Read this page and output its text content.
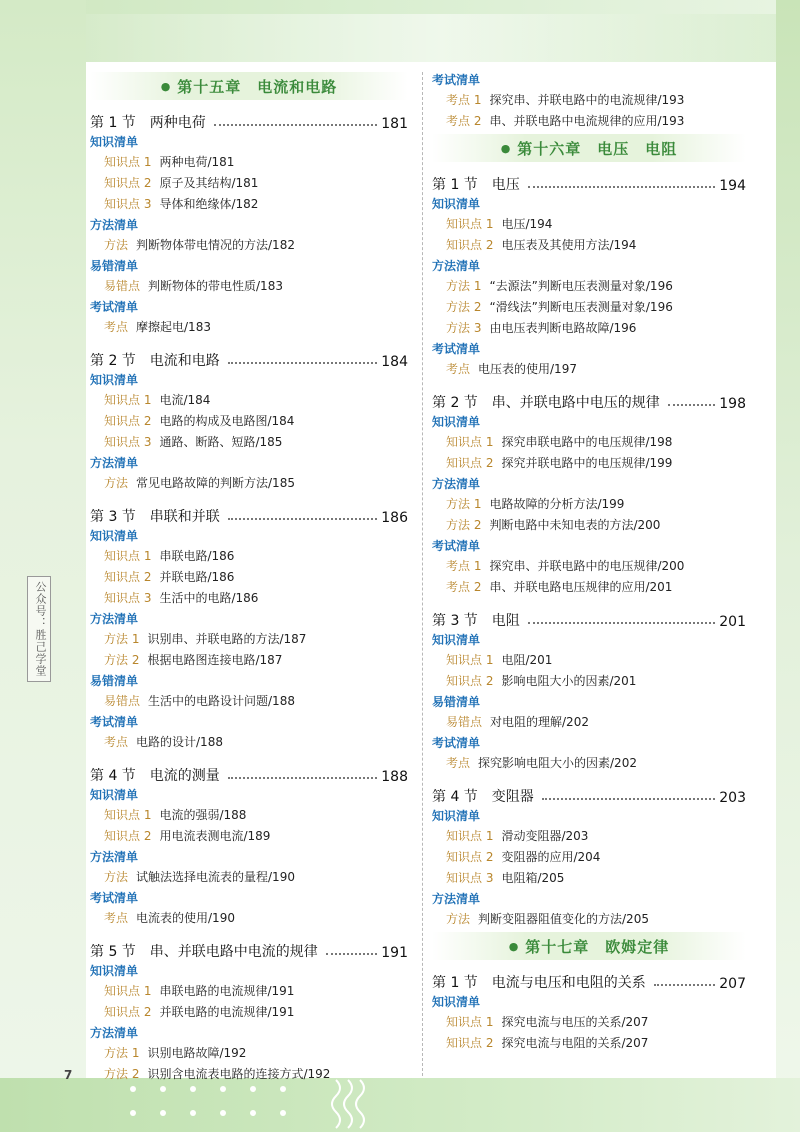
公众号：胜己学堂
7
● 第十五章　电流和电路
第 1 节　两种电荷	181
知识清单
知识点 1 两种电荷/181
知识点 2 原子及其结构/181
知识点 3 导体和绝缘体/182
方法清单
方法 判断物体带电情况的方法/182
易错清单
易错点 判断物体的带电性质/183
考试清单
考点 摩擦起电/183
第 2 节　电流和电路	184
知识清单
知识点 1 电流/184
知识点 2 电路的构成及电路图/184
知识点 3 通路、断路、短路/185
方法清单
方法 常见电路故障的判断方法/185
第 3 节　串联和并联	186
知识清单
知识点 1 串联电路/186
知识点 2 并联电路/186
知识点 3 生活中的电路/186
方法清单
方法 1 识别串、并联电路的方法/187
方法 2 根据电路图连接电路/187
易错清单
易错点 生活中的电路设计问题/188
考试清单
考点 电路的设计/188
第 4 节　电流的测量	188
知识清单
知识点 1 电流的强弱/188
知识点 2 用电流表测电流/189
方法清单
方法 试触法选择电流表的量程/190
考试清单
考点 电流表的使用/190
第 5 节　串、并联电路中电流的规律	191
知识清单
知识点 1 串联电路的电流规律/191
知识点 2 并联电路的电流规律/191
方法清单
方法 1 识别电路故障/192
方法 2 识别含电流表电路的连接方式/192
考试清单
考点 1 探究串、并联电路中的电流规律/193
考点 2 串、并联电路中电流规律的应用/193
● 第十六章　电压　电阻
第 1 节　电压	194
知识清单
知识点 1 电压/194
知识点 2 电压表及其使用方法/194
方法清单
方法 1 “去源法”判断电压表测量对象/196
方法 2 “滑线法”判断电压表测量对象/196
方法 3 由电压表判断电路故障/196
考试清单
考点 电压表的使用/197
第 2 节　串、并联电路中电压的规律	198
知识清单
知识点 1 探究串联电路中的电压规律/198
知识点 2 探究并联电路中的电压规律/199
方法清单
方法 1 电路故障的分析方法/199
方法 2 判断电路中未知电表的方法/200
考试清单
考点 1 探究串、并联电路中的电压规律/200
考点 2 串、并联电路电压规律的应用/201
第 3 节　电阻	201
知识清单
知识点 1 电阻/201
知识点 2 影响电阻大小的因素/201
易错清单
易错点 对电阻的理解/202
考试清单
考点 探究影响电阻大小的因素/202
第 4 节　变阻器	203
知识清单
知识点 1 滑动变阻器/203
知识点 2 变阻器的应用/204
知识点 3 电阻箱/205
方法清单
方法 判断变阻器阻值变化的方法/205
● 第十七章　欧姆定律
第 1 节　电流与电压和电阻的关系	207
知识清单
知识点 1 探究电流与电压的关系/207
知识点 2 探究电流与电阻的关系/207
